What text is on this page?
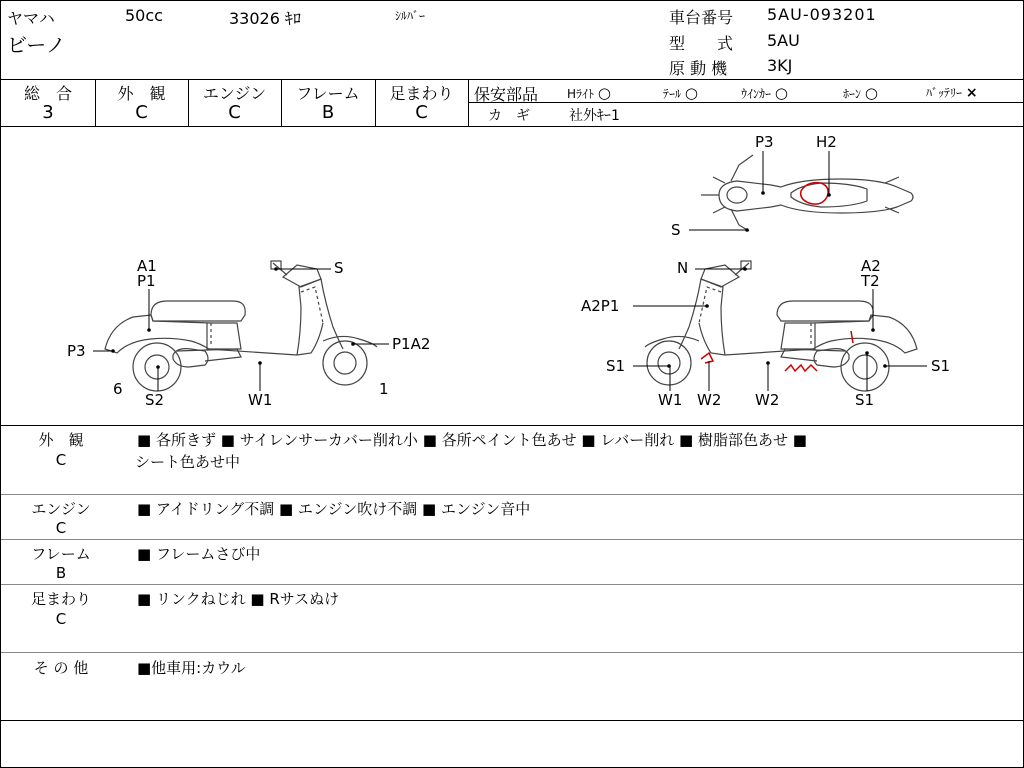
ヤマハ	50cc	33026 ｷﾛ	ｼﾙﾊﾞｰ
ビーノ
車台番号 5AU-093201
型　　式 5AU
原 動 機 3KJ
総　合
3
外　観
C
エンジン
C
フレーム
B
足まわり
C
保安部品 Hﾗｲﾄ ○	ﾃｰﾙ ○	ｳｲﾝｶｰ ○	ﾎｰﾝ ○	ﾊﾞｯﾃﾘｰ ×
カ　ギ	社外ｷｰ1
A1
P1
S
P3	P1A2
6
S2	W1
1
N	A2
T2
A2P1
S1	S1
W1 W2 W2	S1
P3	H2
S
外　観
C
■ 各所きず ■ サイレンサーカバー削れ小 ■ 各所ペイント色あせ ■ レバー削れ ■ 樹脂部色あせ ■
シート色あせ中
エンジン
C
■ アイドリング不調 ■ エンジン吹け不調 ■ エンジン音中
フレーム
B
■ フレームさび中
足まわり
C
■ リンクねじれ ■ Rサスぬけ
そ の 他	■他車用:カウル
